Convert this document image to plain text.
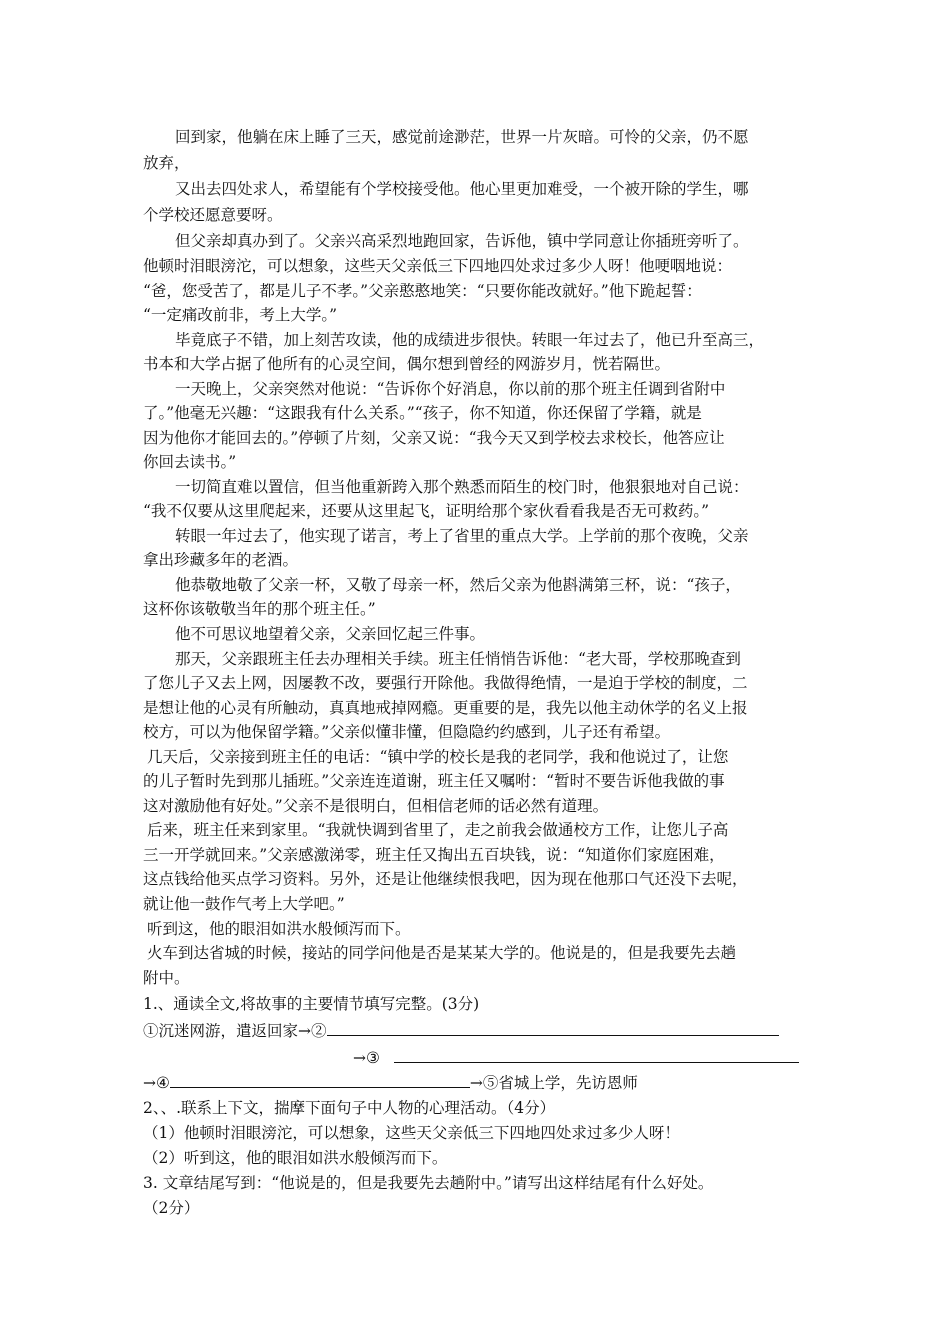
回到家，他躺在床上睡了三天，感觉前途渺茫，世界一片灰暗。可怜的父亲，仍不愿
放弃，
又出去四处求人，希望能有个学校接受他。他心里更加难受，一个被开除的学生，哪
个学校还愿意要呀。
但父亲却真办到了。父亲兴高采烈地跑回家，告诉他，镇中学同意让你插班旁听了。
他顿时泪眼滂沱，可以想象，这些天父亲低三下四地四处求过多少人呀！他哽咽地说：
“爸，您受苦了，都是儿子不孝。”父亲憨憨地笑：“只要你能改就好。”他下跪起誓：
“一定痛改前非，考上大学。”
毕竟底子不错，加上刻苦攻读，他的成绩进步很快。转眼一年过去了，他已升至高三，
书本和大学占据了他所有的心灵空间，偶尔想到曾经的网游岁月，恍若隔世。
一天晚上，父亲突然对他说：“告诉你个好消息，你以前的那个班主任调到省附中
了。”他毫无兴趣：“这跟我有什么关系。”“孩子，你不知道，你还保留了学籍，就是
因为他你才能回去的。”停顿了片刻，父亲又说：“我今天又到学校去求校长，他答应让
你回去读书。”
一切简直难以置信，但当他重新跨入那个熟悉而陌生的校门时，他狠狠地对自己说：
“我不仅要从这里爬起来，还要从这里起飞，证明给那个家伙看看我是否无可救药。”
转眼一年过去了，他实现了诺言，考上了省里的重点大学。上学前的那个夜晚，父亲
拿出珍藏多年的老酒。
他恭敬地敬了父亲一杯，又敬了母亲一杯，然后父亲为他斟满第三杯，说：“孩子，
这杯你该敬敬当年的那个班主任。”
他不可思议地望着父亲，父亲回忆起三件事。
那天，父亲跟班主任去办理相关手续。班主任悄悄告诉他：“老大哥，学校那晚查到
了您儿子又去上网，因屡教不改，要强行开除他。我做得绝情，一是迫于学校的制度，二
是想让他的心灵有所触动，真真地戒掉网瘾。更重要的是，我先以他主动休学的名义上报
校方，可以为他保留学籍。”父亲似懂非懂，但隐隐约约感到，儿子还有希望。
几天后，父亲接到班主任的电话：“镇中学的校长是我的老同学，我和他说过了，让您
的儿子暂时先到那儿插班。”父亲连连道谢，班主任又嘱咐：“暂时不要告诉他我做的事
这对激励他有好处。”父亲不是很明白，但相信老师的话必然有道理。
后来，班主任来到家里。“我就快调到省里了，走之前我会做通校方工作，让您儿子高
三一开学就回来。”父亲感激涕零，班主任又掏出五百块钱，说：“知道你们家庭困难，
这点钱给他买点学习资料。另外，还是让他继续恨我吧，因为现在他那口气还没下去呢，
就让他一鼓作气考上大学吧。”
听到这，他的眼泪如洪水般倾泻而下。
火车到达省城的时候，接站的同学问他是否是某某大学的。他说是的，但是我要先去趟
附中。
1.、通读全文,将故事的主要情节填写完整。(3分)
①沉迷网游，遣返回家→②
→③
→④	→⑤省城上学，先访恩师
2、、.联系上下文，揣摩下面句子中人物的心理活动。（4分）
（1）他顿时泪眼滂沱，可以想象，这些天父亲低三下四地四处求过多少人呀！
（2）听到这，他的眼泪如洪水般倾泻而下。
3. 文章结尾写到：“他说是的，但是我要先去趟附中。”请写出这样结尾有什么好处。
（2分）
